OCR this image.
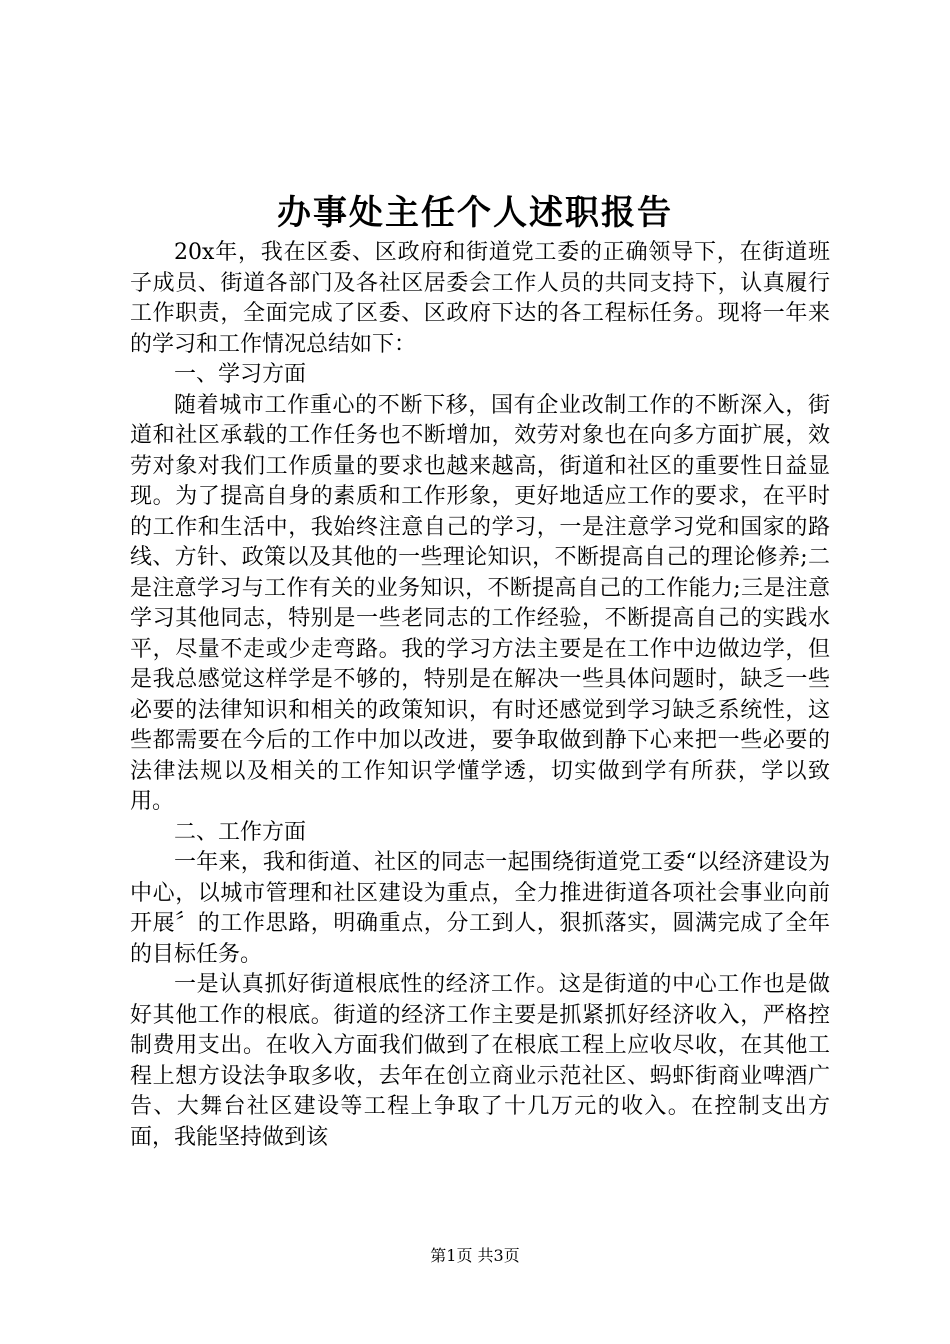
办事处主任个人述职报告

20x年，我在区委、区政府和街道党工委的正确领导下，在街道班子成员、街道各部门及各社区居委会工作人员的共同支持下，认真履行工作职责，全面完成了区委、区政府下达的各工程标任务。现将一年来的学习和工作情况总结如下：

一、学习方面

随着城市工作重心的不断下移，国有企业改制工作的不断深入，街道和社区承载的工作任务也不断增加，效劳对象也在向多方面扩展，效劳对象对我们工作质量的要求也越来越高，街道和社区的重要性日益显现。为了提高自身的素质和工作形象，更好地适应工作的要求，在平时的工作和生活中，我始终注意自己的学习，一是注意学习党和国家的路线、方针、政策以及其他的一些理论知识，不断提高自己的理论修养;二是注意学习与工作有关的业务知识，不断提高自己的工作能力;三是注意学习其他同志，特别是一些老同志的工作经验，不断提高自己的实践水平，尽量不走或少走弯路。我的学习方法主要是在工作中边做边学，但是我总感觉这样学是不够的，特别是在解决一些具体问题时，缺乏一些必要的法律知识和相关的政策知识，有时还感觉到学习缺乏系统性，这些都需要在今后的工作中加以改进，要争取做到静下心来把一些必要的法律法规以及相关的工作知识学懂学透，切实做到学有所获，学以致用。

二、工作方面

一年来，我和街道、社区的同志一起围绕街道党工委“以经济建设为中心，以城市管理和社区建设为重点，全力推进街道各项社会事业向前开展〞的工作思路，明确重点，分工到人，狠抓落实，圆满完成了全年的目标任务。

一是认真抓好街道根底性的经济工作。这是街道的中心工作也是做好其他工作的根底。街道的经济工作主要是抓紧抓好经济收入，严格控制费用支出。在收入方面我们做到了在根底工程上应收尽收，在其他工程上想方设法争取多收，去年在创立商业示范社区、蚂虾街商业啤酒广告、大舞台社区建设等工程上争取了十几万元的收入。在控制支出方面，我能坚持做到该

第1页 共3页
